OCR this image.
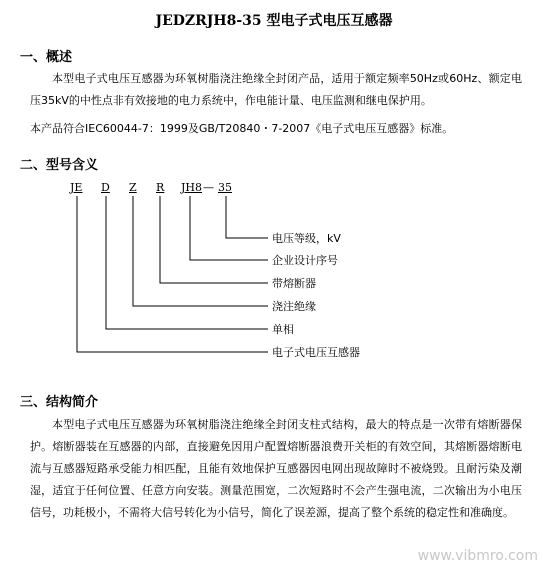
JEDZRJH8-35 型电子式电压互感器
一、概述
本型电子式电压互感器为环氧树脂浇注绝缘全封闭产品，适用于额定频率50Hz或60Hz、额定电压35kV的中性点非有效接地的电力系统中，作电能计量、电压监测和继电保护用。
本产品符合IEC60044-7：1999及GB/T20840・7-2007《电子式电压互感器》标准。
二、型号含义
JE D Z R JH8 — 35
电压等级，kV
企业设计序号
带熔断器
浇注绝缘
单相
电子式电压互感器
三、结构简介
本型电子式电压互感器为环氧树脂浇注绝缘全封闭支柱式结构，最大的特点是一次带有熔断器保护。熔断器装在互感器的内部，直接避免因用户配置熔断器浪费开关柜的有效空间，其熔断器熔断电流与互感器短路承受能力相匹配，且能有效地保护互感器因电网出现故障时不被烧毁。且耐污染及潮湿，适宜于任何位置、任意方向安装。测量范围宽，二次短路时不会产生强电流，二次输出为小电压信号，功耗极小，不需将大信号转化为小信号，简化了误差源，提高了整个系统的稳定性和准确度。
www.vibmro.com
